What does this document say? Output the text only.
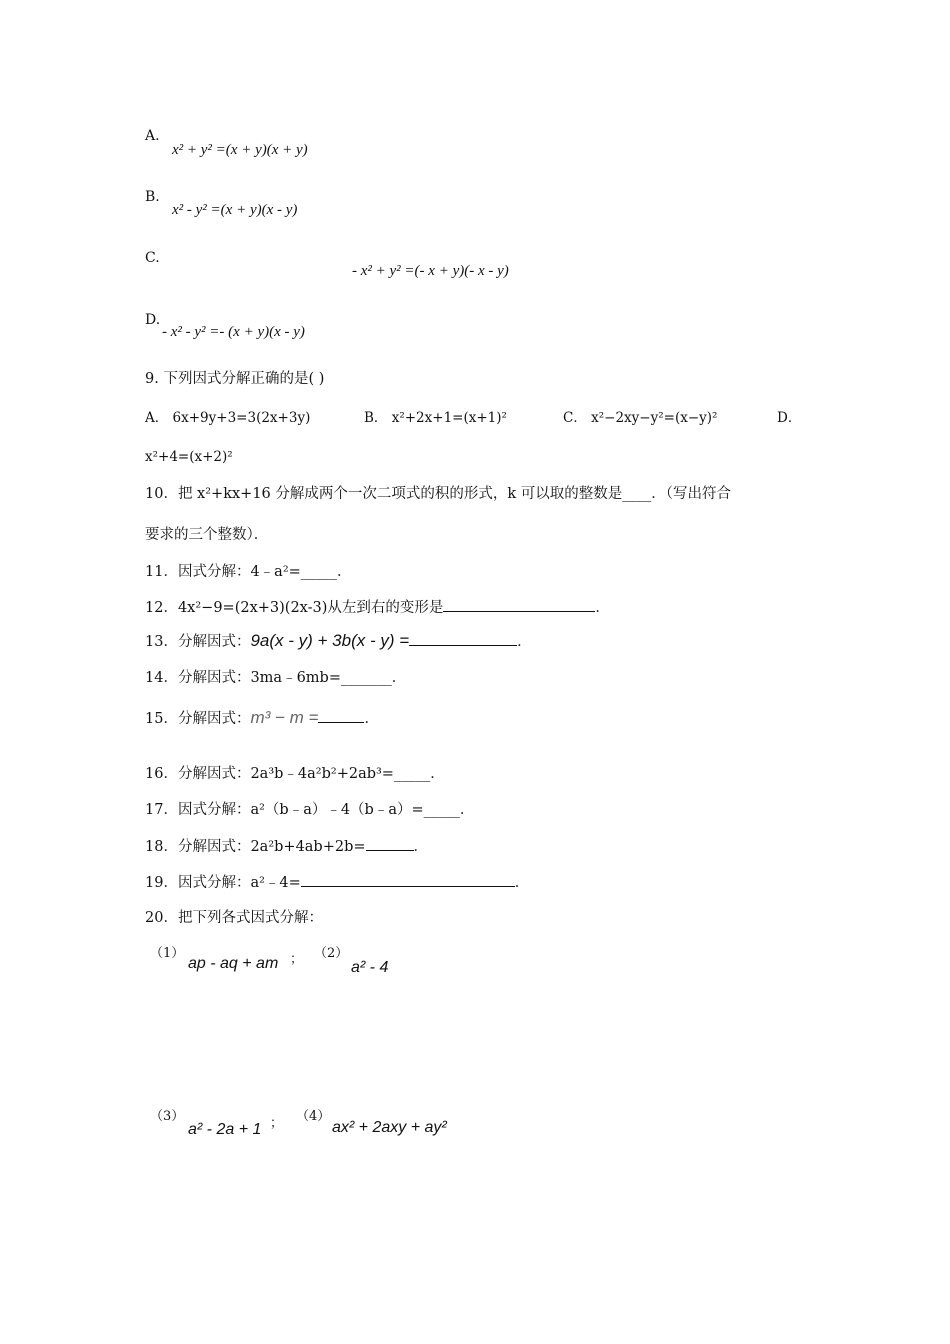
A.
x² + y² =(x + y)(x + y)
B.
x² - y² =(x + y)(x - y)
C.
- x² + y² =(- x + y)(- x - y)
D.
- x² - y² =- (x + y)(x - y)
9. 下列因式分解正确的是( )
A． 6x+9y+3=3(2x+3y)	B． x²+2x+1=(x+1)²	C． x²−2xy−y²=(x−y)²	D．
x²+4=(x+2)²
10．把 x²+kx+16 分解成两个一次二项式的积的形式，k 可以取的整数是____．（写出符合
要求的三个整数）．
11．因式分解：4﹣a²=_____．
12．4x²−9=(2x+3)(2x-3)从左到右的变形是	．
13．分解因式：9a(x - y) + 3b(x - y) =	．
14．分解因式：3ma﹣6mb=_______．
15．分解因式：m³ − m =	．
16．分解因式：2a³b﹣4a²b²+2ab³=_____．
17．因式分解：a²（b﹣a）﹣4（b﹣a）=_____．
18．分解因式：2a²b+4ab+2b=	．
19．因式分解：a²﹣4=	．
20．把下列各式因式分解：
（1）
ap - aq + am ； （2）
a² - 4
（3）
a² - 2a + 1 ； （4）
ax² + 2axy + ay²
